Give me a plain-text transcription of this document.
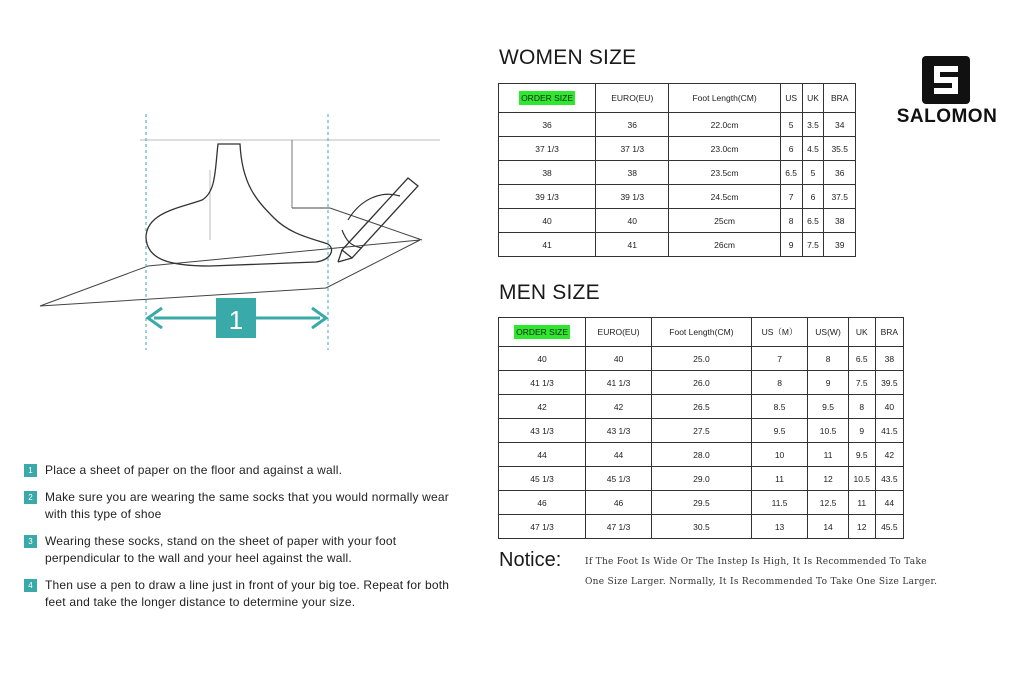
1
1	Place a sheet of paper on the floor and against a wall.
2	Make sure you are wearing the same socks that you would normally wear with this type of shoe
3	Wearing these socks, stand on the sheet of paper with your foot perpendicular to the wall and your heel against the wall.
4	Then use a pen to draw a line just in front of your big toe. Repeat for both feet and take the longer distance to determine your size.
WOMEN SIZE
ORDER SIZE	EURO(EU)	Foot Length(CM)	US	UK	BRA
36	36	22.0cm	5	3.5	34
37 1/3	37 1/3	23.0cm	6	4.5	35.5
38	38	23.5cm	6.5	5	36
39 1/3	39 1/3	24.5cm	7	6	37.5
40	40	25cm	8	6.5	38
41	41	26cm	9	7.5	39
MEN SIZE
ORDER SIZE	EURO(EU)	Foot Length(CM)	US（M）	US(W)	UK	BRA
40	40	25.0	7	8	6.5	38
41 1/3	41 1/3	26.0	8	9	7.5	39.5
42	42	26.5	8.5	9.5	8	40
43 1/3	43 1/3	27.5	9.5	10.5	9	41.5
44	44	28.0	10	11	9.5	42
45 1/3	45 1/3	29.0	11	12	10.5	43.5
46	46	29.5	11.5	12.5	11	44
47 1/3	47 1/3	30.5	13	14	12	45.5
SALOMON
Notice:	If The Foot Is Wide Or The Instep Is High, It Is Recommended To Take
One Size Larger. Normally, It Is Recommended To Take One Size Larger.
